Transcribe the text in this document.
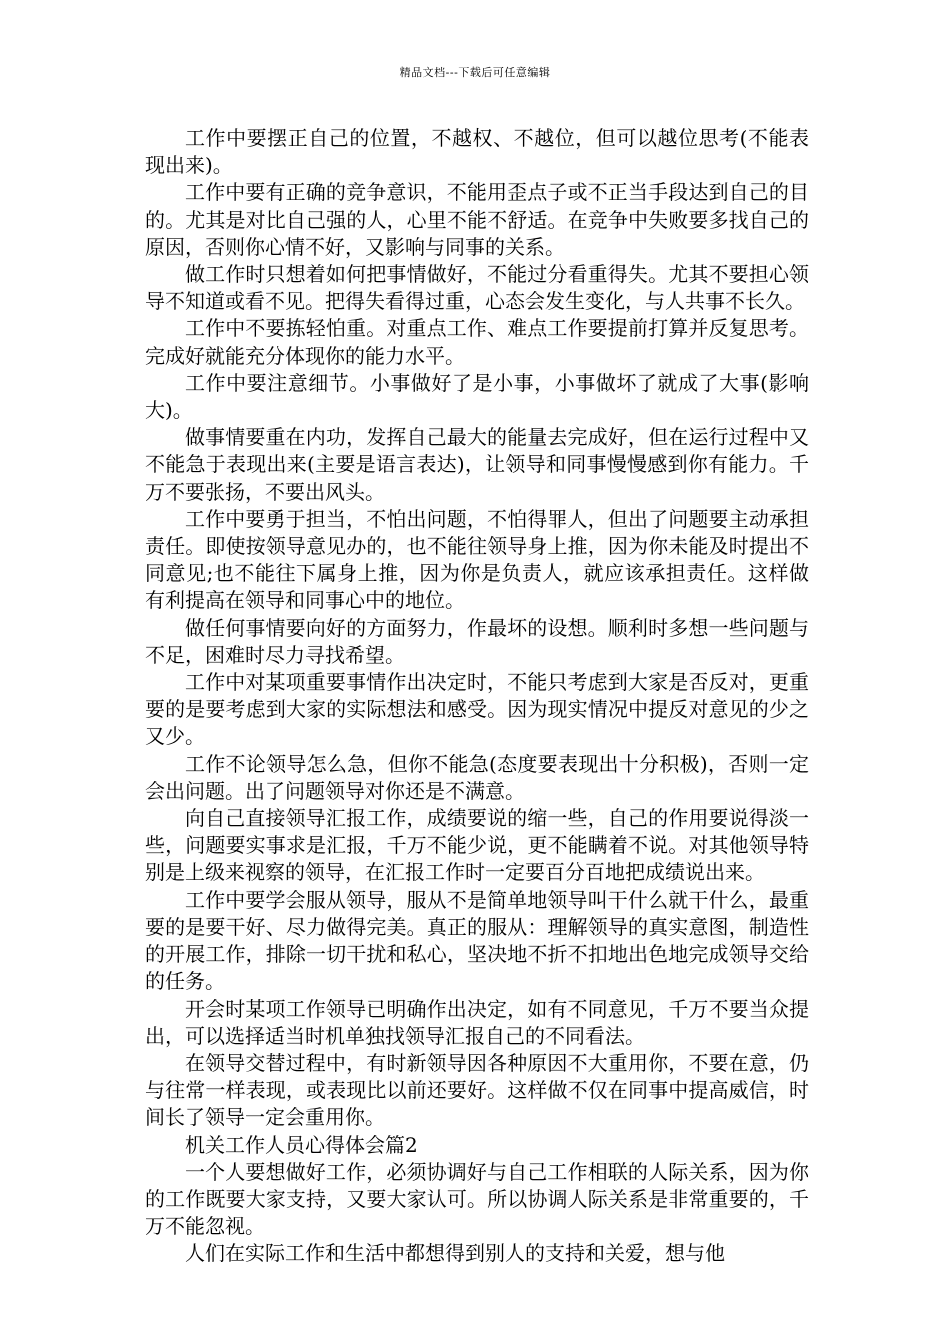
精品文档---下载后可任意编辑

工作中要摆正自己的位置，不越权、不越位，但可以越位思考(不能表现出来)。

工作中要有正确的竞争意识，不能用歪点子或不正当手段达到自己的目的。尤其是对比自己强的人，心里不能不舒适。在竞争中失败要多找自己的原因，否则你心情不好，又影响与同事的关系。

做工作时只想着如何把事情做好，不能过分看重得失。尤其不要担心领导不知道或看不见。把得失看得过重，心态会发生变化，与人共事不长久。

工作中不要拣轻怕重。对重点工作、难点工作要提前打算并反复思考。完成好就能充分体现你的能力水平。

工作中要注意细节。小事做好了是小事，小事做坏了就成了大事(影响大)。

做事情要重在内功，发挥自己最大的能量去完成好，但在运行过程中又不能急于表现出来(主要是语言表达)，让领导和同事慢慢感到你有能力。千万不要张扬，不要出风头。

工作中要勇于担当，不怕出问题，不怕得罪人，但出了问题要主动承担责任。即使按领导意见办的，也不能往领导身上推，因为你未能及时提出不同意见;也不能往下属身上推，因为你是负责人，就应该承担责任。这样做有利提高在领导和同事心中的地位。

做任何事情要向好的方面努力，作最坏的设想。顺利时多想一些问题与不足，困难时尽力寻找希望。

工作中对某项重要事情作出决定时，不能只考虑到大家是否反对，更重要的是要考虑到大家的实际想法和感受。因为现实情况中提反对意见的少之又少。

工作不论领导怎么急，但你不能急(态度要表现出十分积极)，否则一定会出问题。出了问题领导对你还是不满意。

向自己直接领导汇报工作，成绩要说的缩一些，自己的作用要说得淡一些，问题要实事求是汇报，千万不能少说，更不能瞒着不说。对其他领导特别是上级来视察的领导，在汇报工作时一定要百分百地把成绩说出来。

工作中要学会服从领导，服从不是简单地领导叫干什么就干什么，最重要的是要干好、尽力做得完美。真正的服从：理解领导的真实意图，制造性的开展工作，排除一切干扰和私心，坚决地不折不扣地出色地完成领导交给的任务。

开会时某项工作领导已明确作出决定，如有不同意见，千万不要当众提出，可以选择适当时机单独找领导汇报自己的不同看法。

在领导交替过程中，有时新领导因各种原因不大重用你，不要在意，仍与往常一样表现，或表现比以前还要好。这样做不仅在同事中提高威信，时间长了领导一定会重用你。

机关工作人员心得体会篇2

一个人要想做好工作，必须协调好与自己工作相联的人际关系，因为你的工作既要大家支持，又要大家认可。所以协调人际关系是非常重要的，千万不能忽视。

人们在实际工作和生活中都想得到别人的支持和关爱，想与他
